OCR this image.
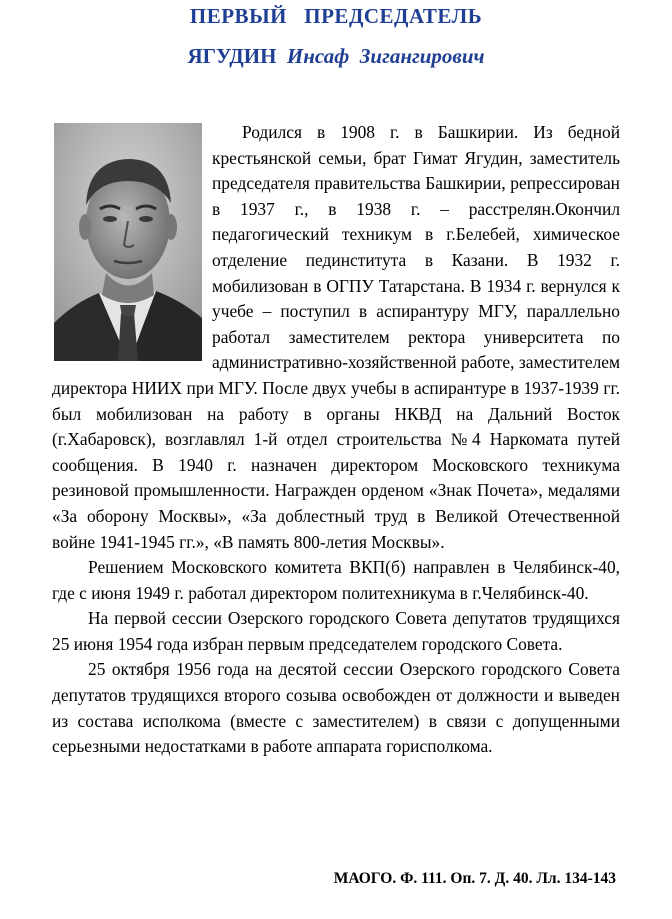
ПЕРВЫЙ   ПРЕДСЕДАТЕЛЬ
ЯГУДИН Инсаф  Зигангирович

Родился в 1908 г. в Башкирии. Из бедной крестьянской семьи, брат Гимат Ягудин, заместитель председателя правительства Башкирии, репрессирован в 1937 г., в 1938 г. – расстрелян.Окончил педагогический техникум в г.Белебей, химическое отделение пединститута в Казани. В 1932 г. мобилизован в ОГПУ Татарстана. В 1934 г. вернулся к учебе – поступил в аспирантуру МГУ, параллельно работал заместителем ректора университета по административно-хозяйственной работе, заместителем директора НИИХ при МГУ. После двух учебы в аспирантуре в 1937-1939 гг. был мобилизован на работу в органы НКВД на Дальний Восток (г.Хабаровск), возглавлял 1-й отдел строительства №4 Наркомата путей сообщения. В 1940 г. назначен директором Московского техникума резиновой промышленности. Награжден орденом «Знак Почета», медалями «За оборону Москвы», «За доблестный труд в Великой Отечественной войне 1941-1945 гг.», «В память 800-летия Москвы».

Решением Московского комитета ВКП(б) направлен в Челябинск-40, где с июня 1949 г. работал директором политехникума в г.Челябинск-40.

На первой сессии Озерского городского Совета депутатов трудящихся 25 июня 1954 года избран первым председателем городского Совета.

25 октября 1956 года на десятой сессии Озерского городского Совета депутатов трудящихся второго созыва освобожден от должности и выведен из состава исполкома (вместе с заместителем) в связи с допущенными серьезными недостатками в работе аппарата горисполкома.

МАОГО. Ф. 111. Оп. 7. Д. 40. Лл. 134-143
